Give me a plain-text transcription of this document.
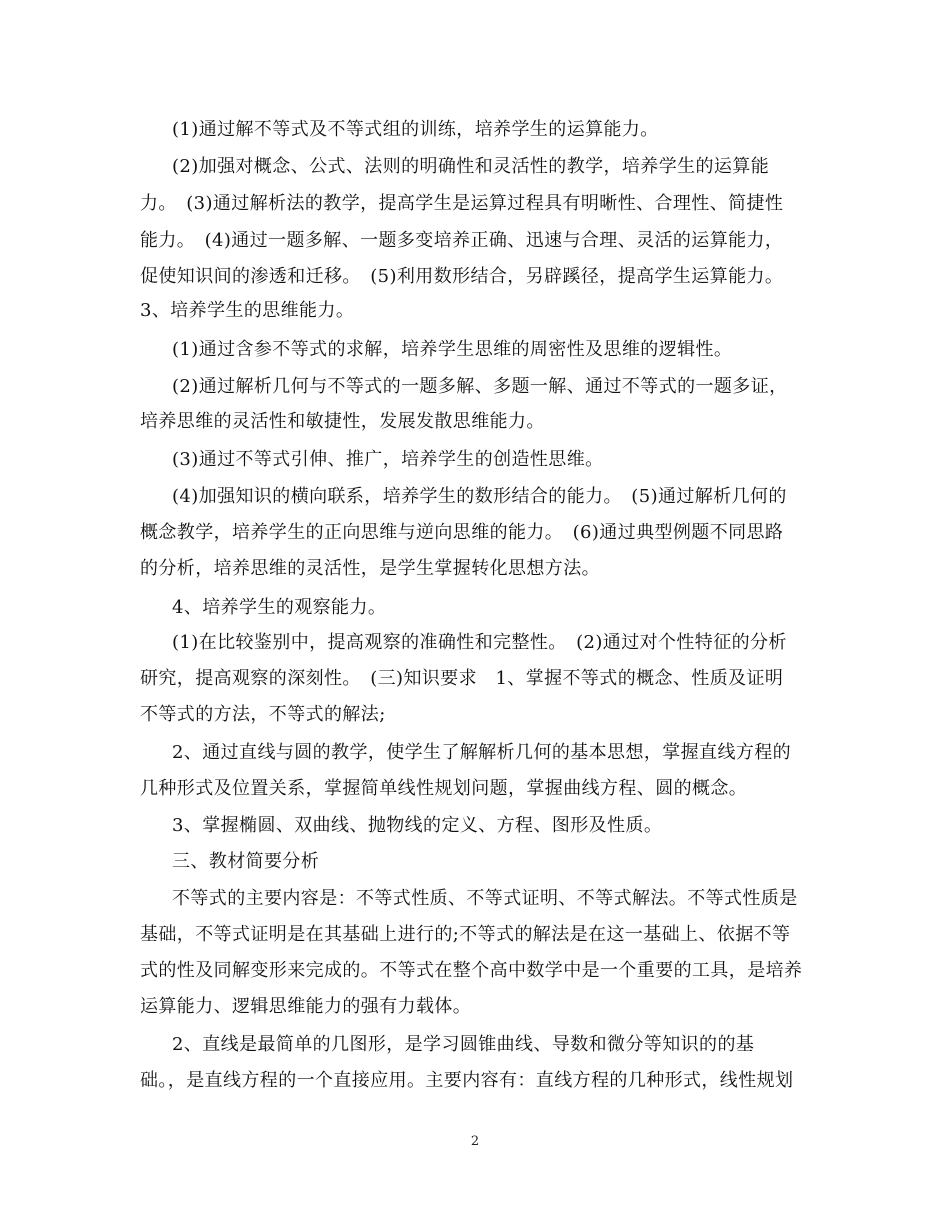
(1)通过解不等式及不等式组的训练，培养学生的运算能力。
(2)加强对概念、公式、法则的明确性和灵活性的教学，培养学生的运算能
力。　(3)通过解析法的教学，提高学生是运算过程具有明晰性、合理性、简捷性
能力。　(4)通过一题多解、一题多变培养正确、迅速与合理、灵活的运算能力，
促使知识间的渗透和迁移。　(5)利用数形结合，另辟蹊径，提高学生运算能力。
3、培养学生的思维能力。
(1)通过含参不等式的求解，培养学生思维的周密性及思维的逻辑性。
(2)通过解析几何与不等式的一题多解、多题一解、通过不等式的一题多证，
培养思维的灵活性和敏捷性，发展发散思维能力。
(3)通过不等式引伸、推广，培养学生的创造性思维。
(4)加强知识的横向联系，培养学生的数形结合的能力。　(5)通过解析几何的
概念教学，培养学生的正向思维与逆向思维的能力。　(6)通过典型例题不同思路
的分析，培养思维的灵活性，是学生掌握转化思想方法。
4、培养学生的观察能力。
(1)在比较鉴别中，提高观察的准确性和完整性。　(2)通过对个性特征的分析
研究，提高观察的深刻性。　(三)知识要求　1、掌握不等式的概念、性质及证明
不等式的方法，不等式的解法;
2、通过直线与圆的教学，使学生了解解析几何的基本思想，掌握直线方程的
几种形式及位置关系，掌握简单线性规划问题，掌握曲线方程、圆的概念。
3、掌握椭圆、双曲线、抛物线的定义、方程、图形及性质。
三、教材简要分析
不等式的主要内容是：不等式性质、不等式证明、不等式解法。不等式性质是
基础，不等式证明是在其基础上进行的;不等式的解法是在这一基础上、依据不等
式的性及同解变形来完成的。不等式在整个高中数学中是一个重要的工具，是培养
运算能力、逻辑思维能力的强有力载体。
2、直线是最简单的几图形，是学习圆锥曲线、导数和微分等知识的的基
础。，是直线方程的一个直接应用。主要内容有：直线方程的几种形式，线性规划
2
